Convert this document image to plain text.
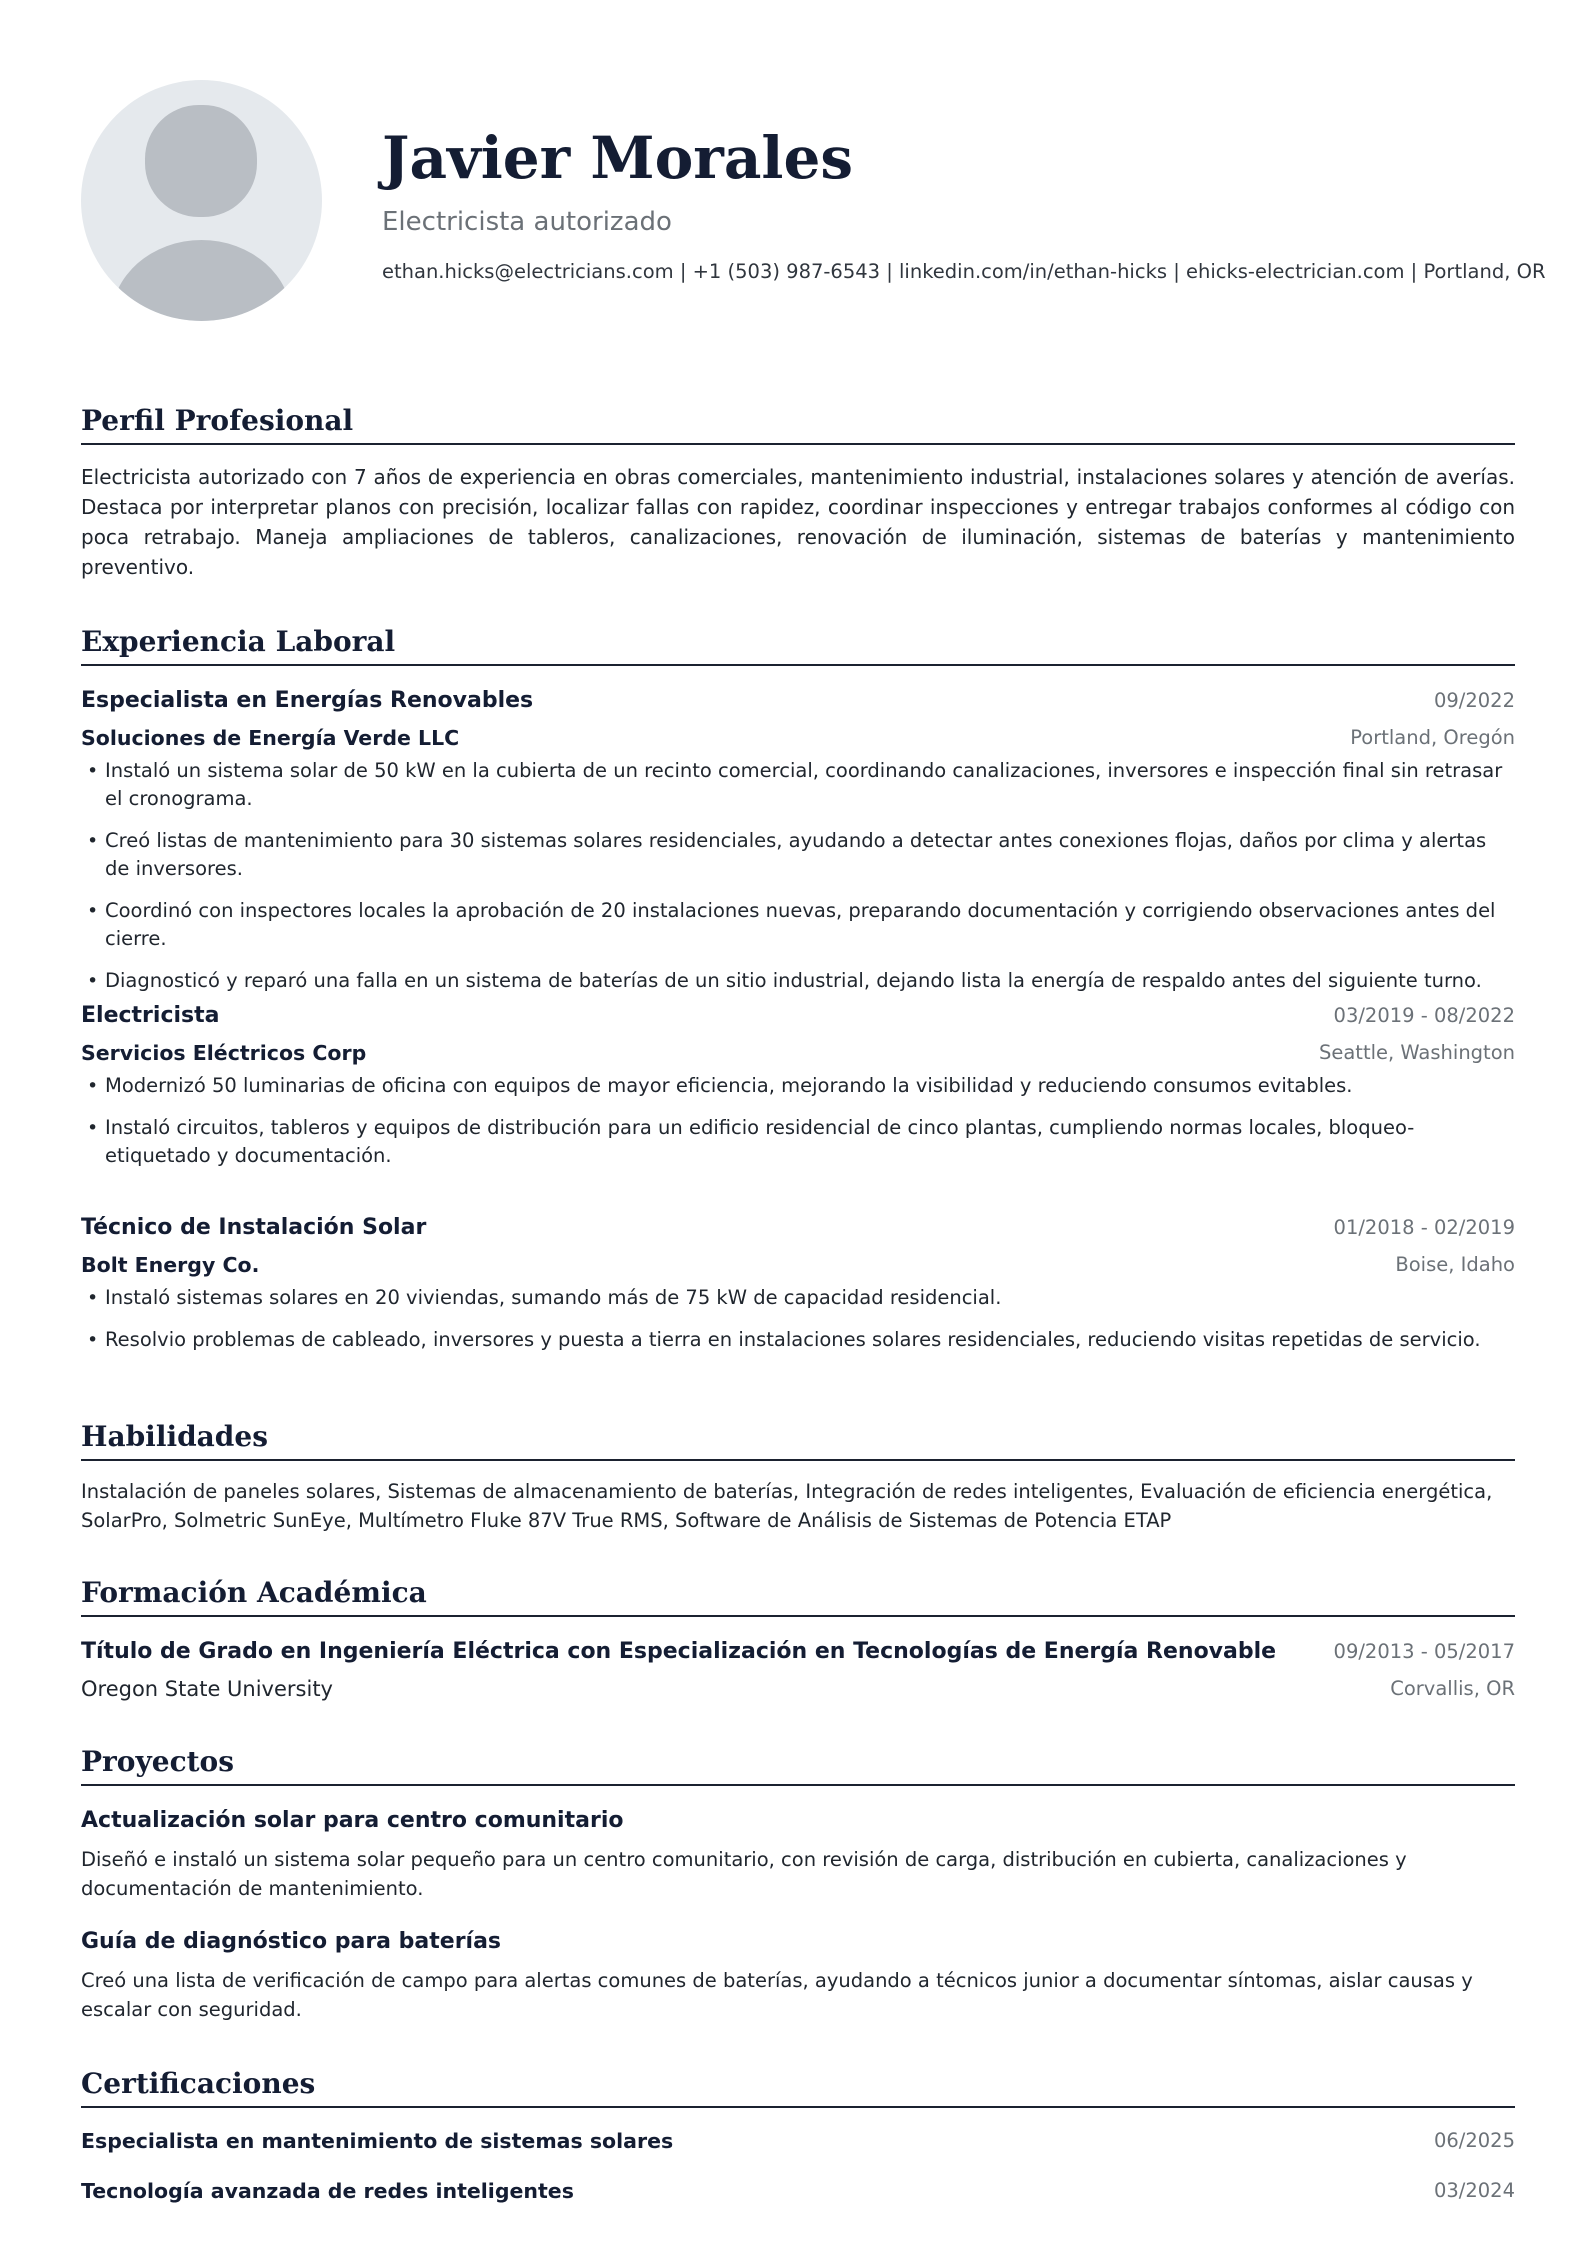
Javier Morales
Electricista autorizado
ethan.hicks@electricians.com | +1 (503) 987-6543 | linkedin.com/in/ethan-hicks | ehicks-electrician.com | Portland, OR
Perfil Profesional

Electricista autorizado con 7 años de experiencia en obras comerciales, mantenimiento industrial, instalaciones solares y atención de averías. Destaca por interpretar planos con precisión, localizar fallas con rapidez, coordinar inspecciones y entregar trabajos conformes al código con poca retrabajo. Maneja ampliaciones de tableros, canalizaciones, renovación de iluminación, sistemas de baterías y mantenimiento preventivo.

Experiencia Laboral
Especialista en Energías Renovables	09/2022
Soluciones de Energía Verde LLC	Portland, Oregón
• Instaló un sistema solar de 50 kW en la cubierta de un recinto comercial, coordinando canalizaciones, inversores e inspección final sin retrasar el cronograma.
• Creó listas de mantenimiento para 30 sistemas solares residenciales, ayudando a detectar antes conexiones flojas, daños por clima y alertas de inversores.
• Coordinó con inspectores locales la aprobación de 20 instalaciones nuevas, preparando documentación y corrigiendo observaciones antes del cierre.
• Diagnosticó y reparó una falla en un sistema de baterías de un sitio industrial, dejando lista la energía de respaldo antes del siguiente turno.
Electricista	03/2019 - 08/2022
Servicios Eléctricos Corp	Seattle, Washington
• Modernizó 50 luminarias de oficina con equipos de mayor eficiencia, mejorando la visibilidad y reduciendo consumos evitables.
• Instaló circuitos, tableros y equipos de distribución para un edificio residencial de cinco plantas, cumpliendo normas locales, bloqueo-etiquetado y documentación.
Técnico de Instalación Solar	01/2018 - 02/2019
Bolt Energy Co.	Boise, Idaho
• Instaló sistemas solares en 20 viviendas, sumando más de 75 kW de capacidad residencial.
• Resolvio problemas de cableado, inversores y puesta a tierra en instalaciones solares residenciales, reduciendo visitas repetidas de servicio.
Habilidades

Instalación de paneles solares, Sistemas de almacenamiento de baterías, Integración de redes inteligentes, Evaluación de eficiencia energética, SolarPro, Solmetric SunEye, Multímetro Fluke 87V True RMS, Software de Análisis de Sistemas de Potencia ETAP

Formación Académica
Título de Grado en Ingeniería Eléctrica con Especialización en Tecnologías de Energía Renovable	09/2013 - 05/2017
Oregon State University	Corvallis, OR
Proyectos
Actualización solar para centro comunitario

Diseñó e instaló un sistema solar pequeño para un centro comunitario, con revisión de carga, distribución en cubierta, canalizaciones y documentación de mantenimiento.

Guía de diagnóstico para baterías

Creó una lista de verificación de campo para alertas comunes de baterías, ayudando a técnicos junior a documentar síntomas, aislar causas y escalar con seguridad.

Certificaciones
Especialista en mantenimiento de sistemas solares	06/2025
Tecnología avanzada de redes inteligentes	03/2024
